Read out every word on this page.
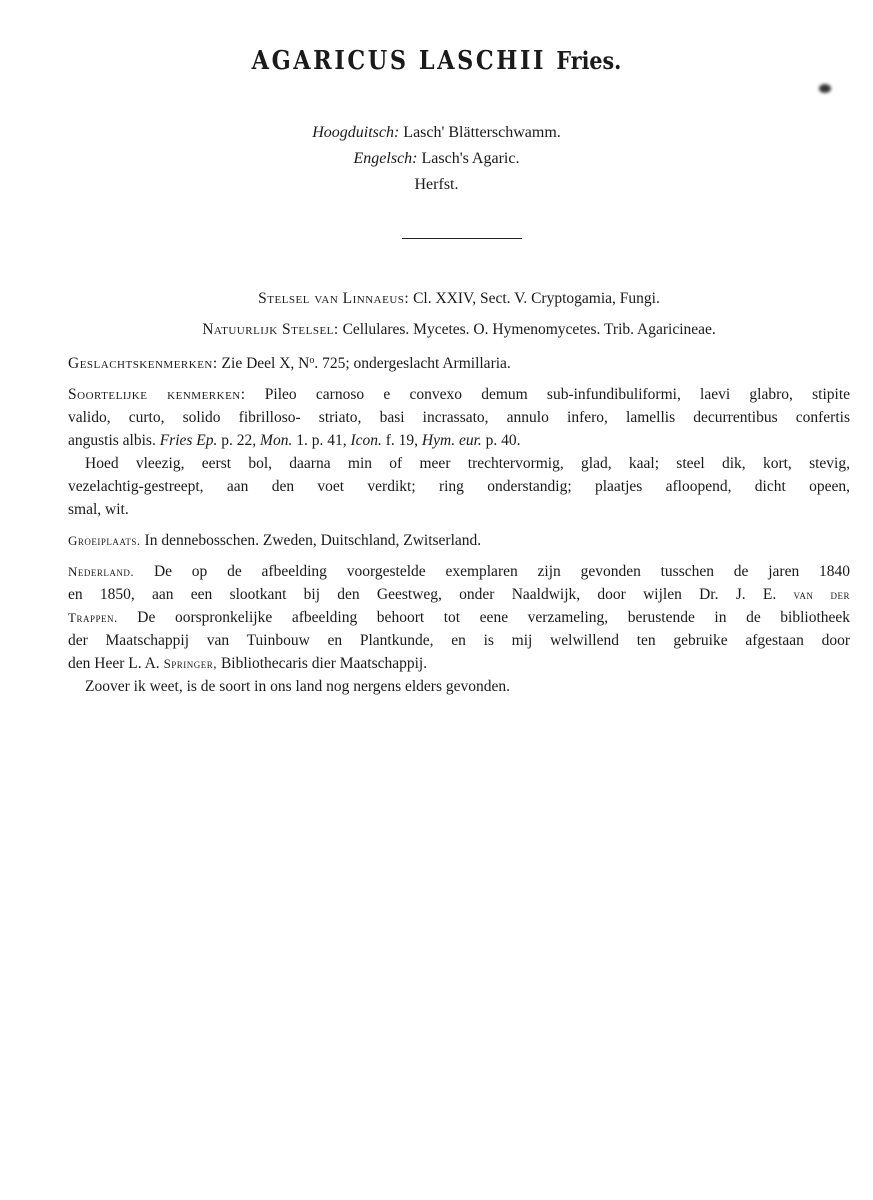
AGARICUS LASCHII Fries.
Hoogduitsch: Lasch' Blätterschwamm.
Engelsch: Lasch's Agaric.
Herfst.
Stelsel van Linnaeus: Cl. XXIV, Sect. V. Cryptogamia, Fungi.
Natuurlijk Stelsel: Cellulares. Mycetes. O. Hymenomycetes. Trib. Agaricineae.
Geslachtskenmerken: Zie Deel X, $N^o$. 725; ondergeslacht Armillaria.
Soortelijke kenmerken: Pileo carnoso e convexo demum sub-infundibuliformi, laevi glabro, stipite
valido, curto, solido fibrilloso- striato, basi incrassato, annulo infero, lamellis decurrentibus confertis
angustis albis. Fries Ep. p. 22, Mon. 1. p. 41, Icon. f. 19, Hym. eur. p. 40.
Hoed vleezig, eerst bol, daarna min of meer trechtervormig, glad, kaal; steel dik, kort, stevig,
vezelachtig-gestreept, aan den voet verdikt; ring onderstandig; plaatjes afloopend, dicht opeen,
smal, wit.
Groeiplaats. In dennebosschen. Zweden, Duitschland, Zwitserland.
Nederland. De op de afbeelding voorgestelde exemplaren zijn gevonden tusschen de jaren 1840
en 1850, aan een slootkant bij den Geestweg, onder Naaldwijk, door wijlen Dr. J. E. van der
Trappen. De oorspronkelijke afbeelding behoort tot eene verzameling, berustende in de bibliotheek
der Maatschappij van Tuinbouw en Plantkunde, en is mij welwillend ten gebruike afgestaan door
den Heer L. A. Springer, Bibliothecaris dier Maatschappij.
Zoover ik weet, is de soort in ons land nog nergens elders gevonden.
